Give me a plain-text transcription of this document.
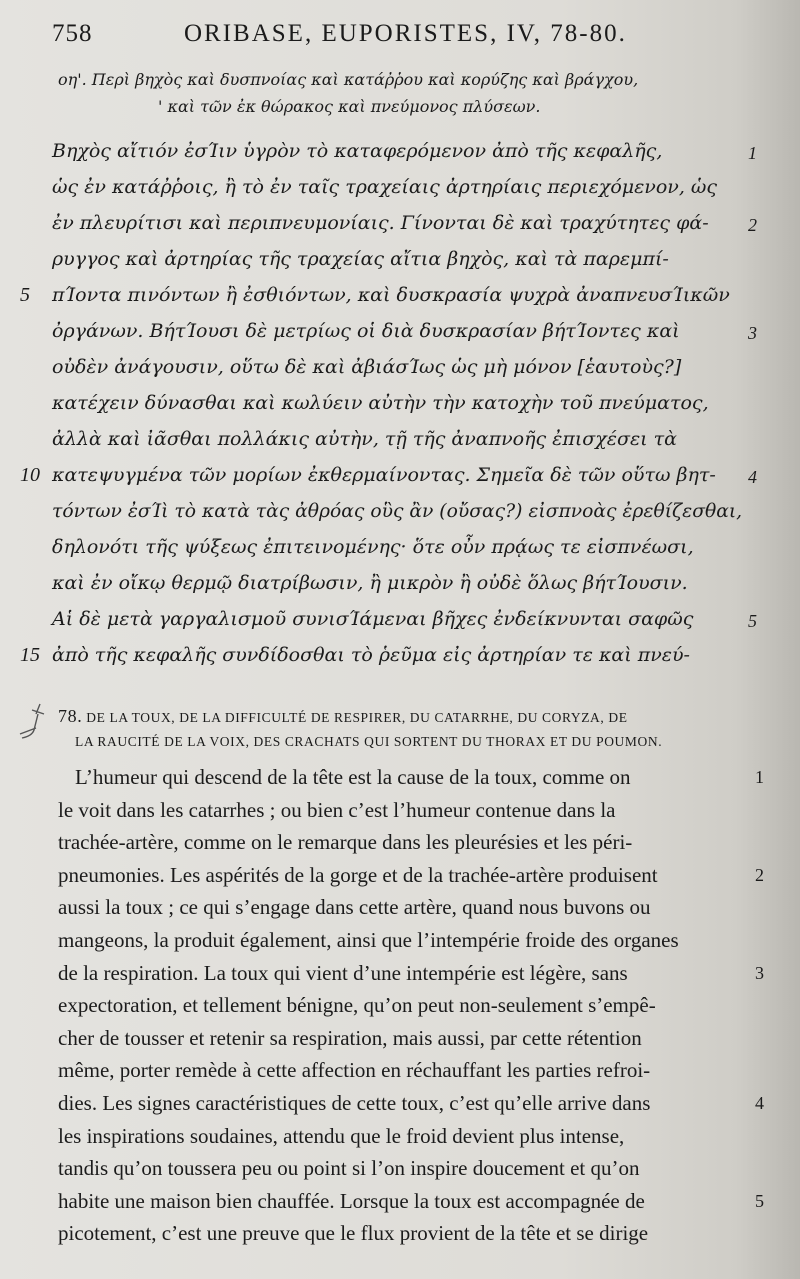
758	ORIBASE, EUPORISTES, IV, 78-80.
οη'. Περὶ βηχὸς καὶ δυσπνοίας καὶ κατάῤῥου καὶ κορύζης καὶ βράγχου,
' καὶ τῶν ἐκ θώρακος καὶ πνεύμονος πλύσεων.
Βηχὸς αἴτιόν ἐσΊιν ὑγρὸν τὸ καταφερόμενον ἀπὸ τῆς κεφαλῆς,	1
ὡς ἐν κατάῤῥοις, ἢ τὸ ἐν ταῖς τραχείαις ἀρτηρίαις περιεχόμενον, ὡς
ἐν πλευρίτισι καὶ περιπνευμονίαις. Γίνονται δὲ καὶ τραχύτητες φά- 2
ρυγγος καὶ ἀρτηρίας τῆς τραχείας αἴτια βηχὸς, καὶ τὰ παρεμπί-
πΊοντα πινόντων ἢ ἐσθιόντων, καὶ δυσκρασία ψυχρὰ ἀναπνευσΊικῶν
5
ὀργάνων. ΒήτΊουσι δὲ μετρίως οἱ διὰ δυσκρασίαν βήτΊοντες καὶ	3
οὐδὲν ἀνάγουσιν, οὕτω δὲ καὶ ἀβιάσΊως ὡς μὴ μόνον [ἑαυτοὺς?]
κατέχειν δύνασθαι καὶ κωλύειν αὐτὴν τὴν κατοχὴν τοῦ πνεύματος,
ἀλλὰ καὶ ἰᾶσθαι πολλάκις αὐτὴν, τῇ τῆς ἀναπνοῆς ἐπισχέσει τὰ
κατεψυγμένα τῶν μορίων ἐκθερμαίνοντας. Σημεῖα δὲ τῶν οὕτω βητ-
10	4
τόντων ἐσΊὶ τὸ κατὰ τὰς ἀθρόας οὓς ἂν (οὔσας?) εἰσπνοὰς ἐρεθίζεσθαι,
δηλονότι τῆς ψύξεως ἐπιτεινομένης· ὅτε οὖν πρᾴως τε εἰσπνέωσι,
καὶ ἐν οἴκῳ θερμῷ διατρίβωσιν, ἢ μικρὸν ἢ οὐδὲ ὅλως βήτΊουσιν.
Αἱ δὲ μετὰ γαργαλισμοῦ συνισΊάμεναι βῆχες ἐνδείκνυνται σαφῶς	5
ἀπὸ τῆς κεφαλῆς συνδίδοσθαι τὸ ῥεῦμα εἰς ἀρτηρίαν τε καὶ πνεύ-
15
78. DE LA TOUX, DE LA DIFFICULTÉ DE RESPIRER, DU CATARRHE, DU CORYZA, DE
LA RAUCITÉ DE LA VOIX, DES CRACHATS QUI SORTENT DU THORAX ET DU POUMON.
L’humeur qui descend de la tête est la cause de la toux, comme on	1
le voit dans les catarrhes ; ou bien c’est l’humeur contenue dans la
trachée-artère, comme on le remarque dans les pleurésies et les péri-
pneumonies. Les aspérités de la gorge et de la trachée-artère produisent	2
aussi la toux ; ce qui s’engage dans cette artère, quand nous buvons ou
mangeons, la produit également, ainsi que l’intempérie froide des organes
de la respiration. La toux qui vient d’une intempérie est légère, sans	3
expectoration, et tellement bénigne, qu’on peut non-seulement s’empê-
cher de tousser et retenir sa respiration, mais aussi, par cette rétention
même, porter remède à cette affection en réchauffant les parties refroi-
dies. Les signes caractéristiques de cette toux, c’est qu’elle arrive dans	4
les inspirations soudaines, attendu que le froid devient plus intense,
tandis qu’on toussera peu ou point si l’on inspire doucement et qu’on
habite une maison bien chauffée. Lorsque la toux est accompagnée de	5
picotement, c’est une preuve que le flux provient de la tête et se dirige
